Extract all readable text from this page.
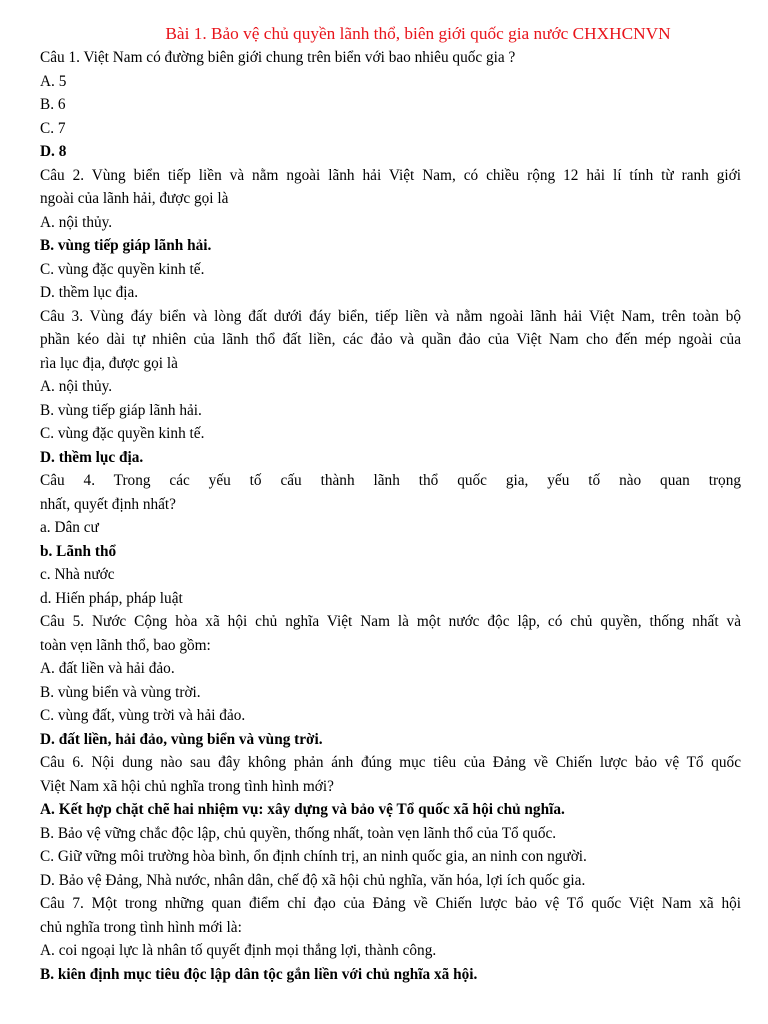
Bài 1. Bảo vệ chủ quyền lãnh thổ, biên giới quốc gia nước CHXHCNVN
Câu 1. Việt Nam có đường biên giới chung trên biển với bao nhiêu quốc gia ?
A. 5
B. 6
C. 7
D. 8
Câu 2. Vùng biển tiếp liền và nằm ngoài lãnh hải Việt Nam, có chiều rộng 12 hải lí tính từ ranh giới
ngoài của lãnh hải, được gọi là
A. nội thủy.
B. vùng tiếp giáp lãnh hải.
C. vùng đặc quyền kinh tế.
D. thềm lục địa.
Câu 3. Vùng đáy biển và lòng đất dưới đáy biển, tiếp liền và nằm ngoài lãnh hải Việt Nam, trên toàn bộ
phần kéo dài tự nhiên của lãnh thổ đất liền, các đảo và quần đảo của Việt Nam cho đến mép ngoài của
rìa lục địa, được gọi là
A. nội thủy.
B. vùng tiếp giáp lãnh hải.
C. vùng đặc quyền kinh tế.
D. thềm lục địa.
Câu 4. Trong các yếu tố cấu thành lãnh thổ quốc gia, yếu tố nào quan trọng
nhất, quyết định nhất?
a. Dân cư
b. Lãnh thổ
c. Nhà nước
d. Hiến pháp, pháp luật
Câu 5. Nước Cộng hòa xã hội chủ nghĩa Việt Nam là một nước độc lập, có chủ quyền, thống nhất và
toàn vẹn lãnh thổ, bao gồm:
A. đất liền và hải đảo.
B. vùng biển và vùng trời.
C. vùng đất, vùng trời và hải đảo.
D. đất liền, hải đảo, vùng biển và vùng trời.
Câu 6. Nội dung nào sau đây không phản ánh đúng mục tiêu của Đảng về Chiến lược bảo vệ Tổ quốc
Việt Nam xã hội chủ nghĩa trong tình hình mới?
A. Kết hợp chặt chẽ hai nhiệm vụ: xây dựng và bảo vệ Tổ quốc xã hội chủ nghĩa.
B. Bảo vệ vững chắc độc lập, chủ quyền, thống nhất, toàn vẹn lãnh thổ của Tổ quốc.
C. Giữ vững môi trường hòa bình, ổn định chính trị, an ninh quốc gia, an ninh con người.
D. Bảo vệ Đảng, Nhà nước, nhân dân, chế độ xã hội chủ nghĩa, văn hóa, lợi ích quốc gia.
Câu 7. Một trong những quan điểm chỉ đạo của Đảng về Chiến lược bảo vệ Tổ quốc Việt Nam xã hội
chủ nghĩa trong tình hình mới là:
A. coi ngoại lực là nhân tố quyết định mọi thắng lợi, thành công.
B. kiên định mục tiêu độc lập dân tộc gắn liền với chủ nghĩa xã hội.
